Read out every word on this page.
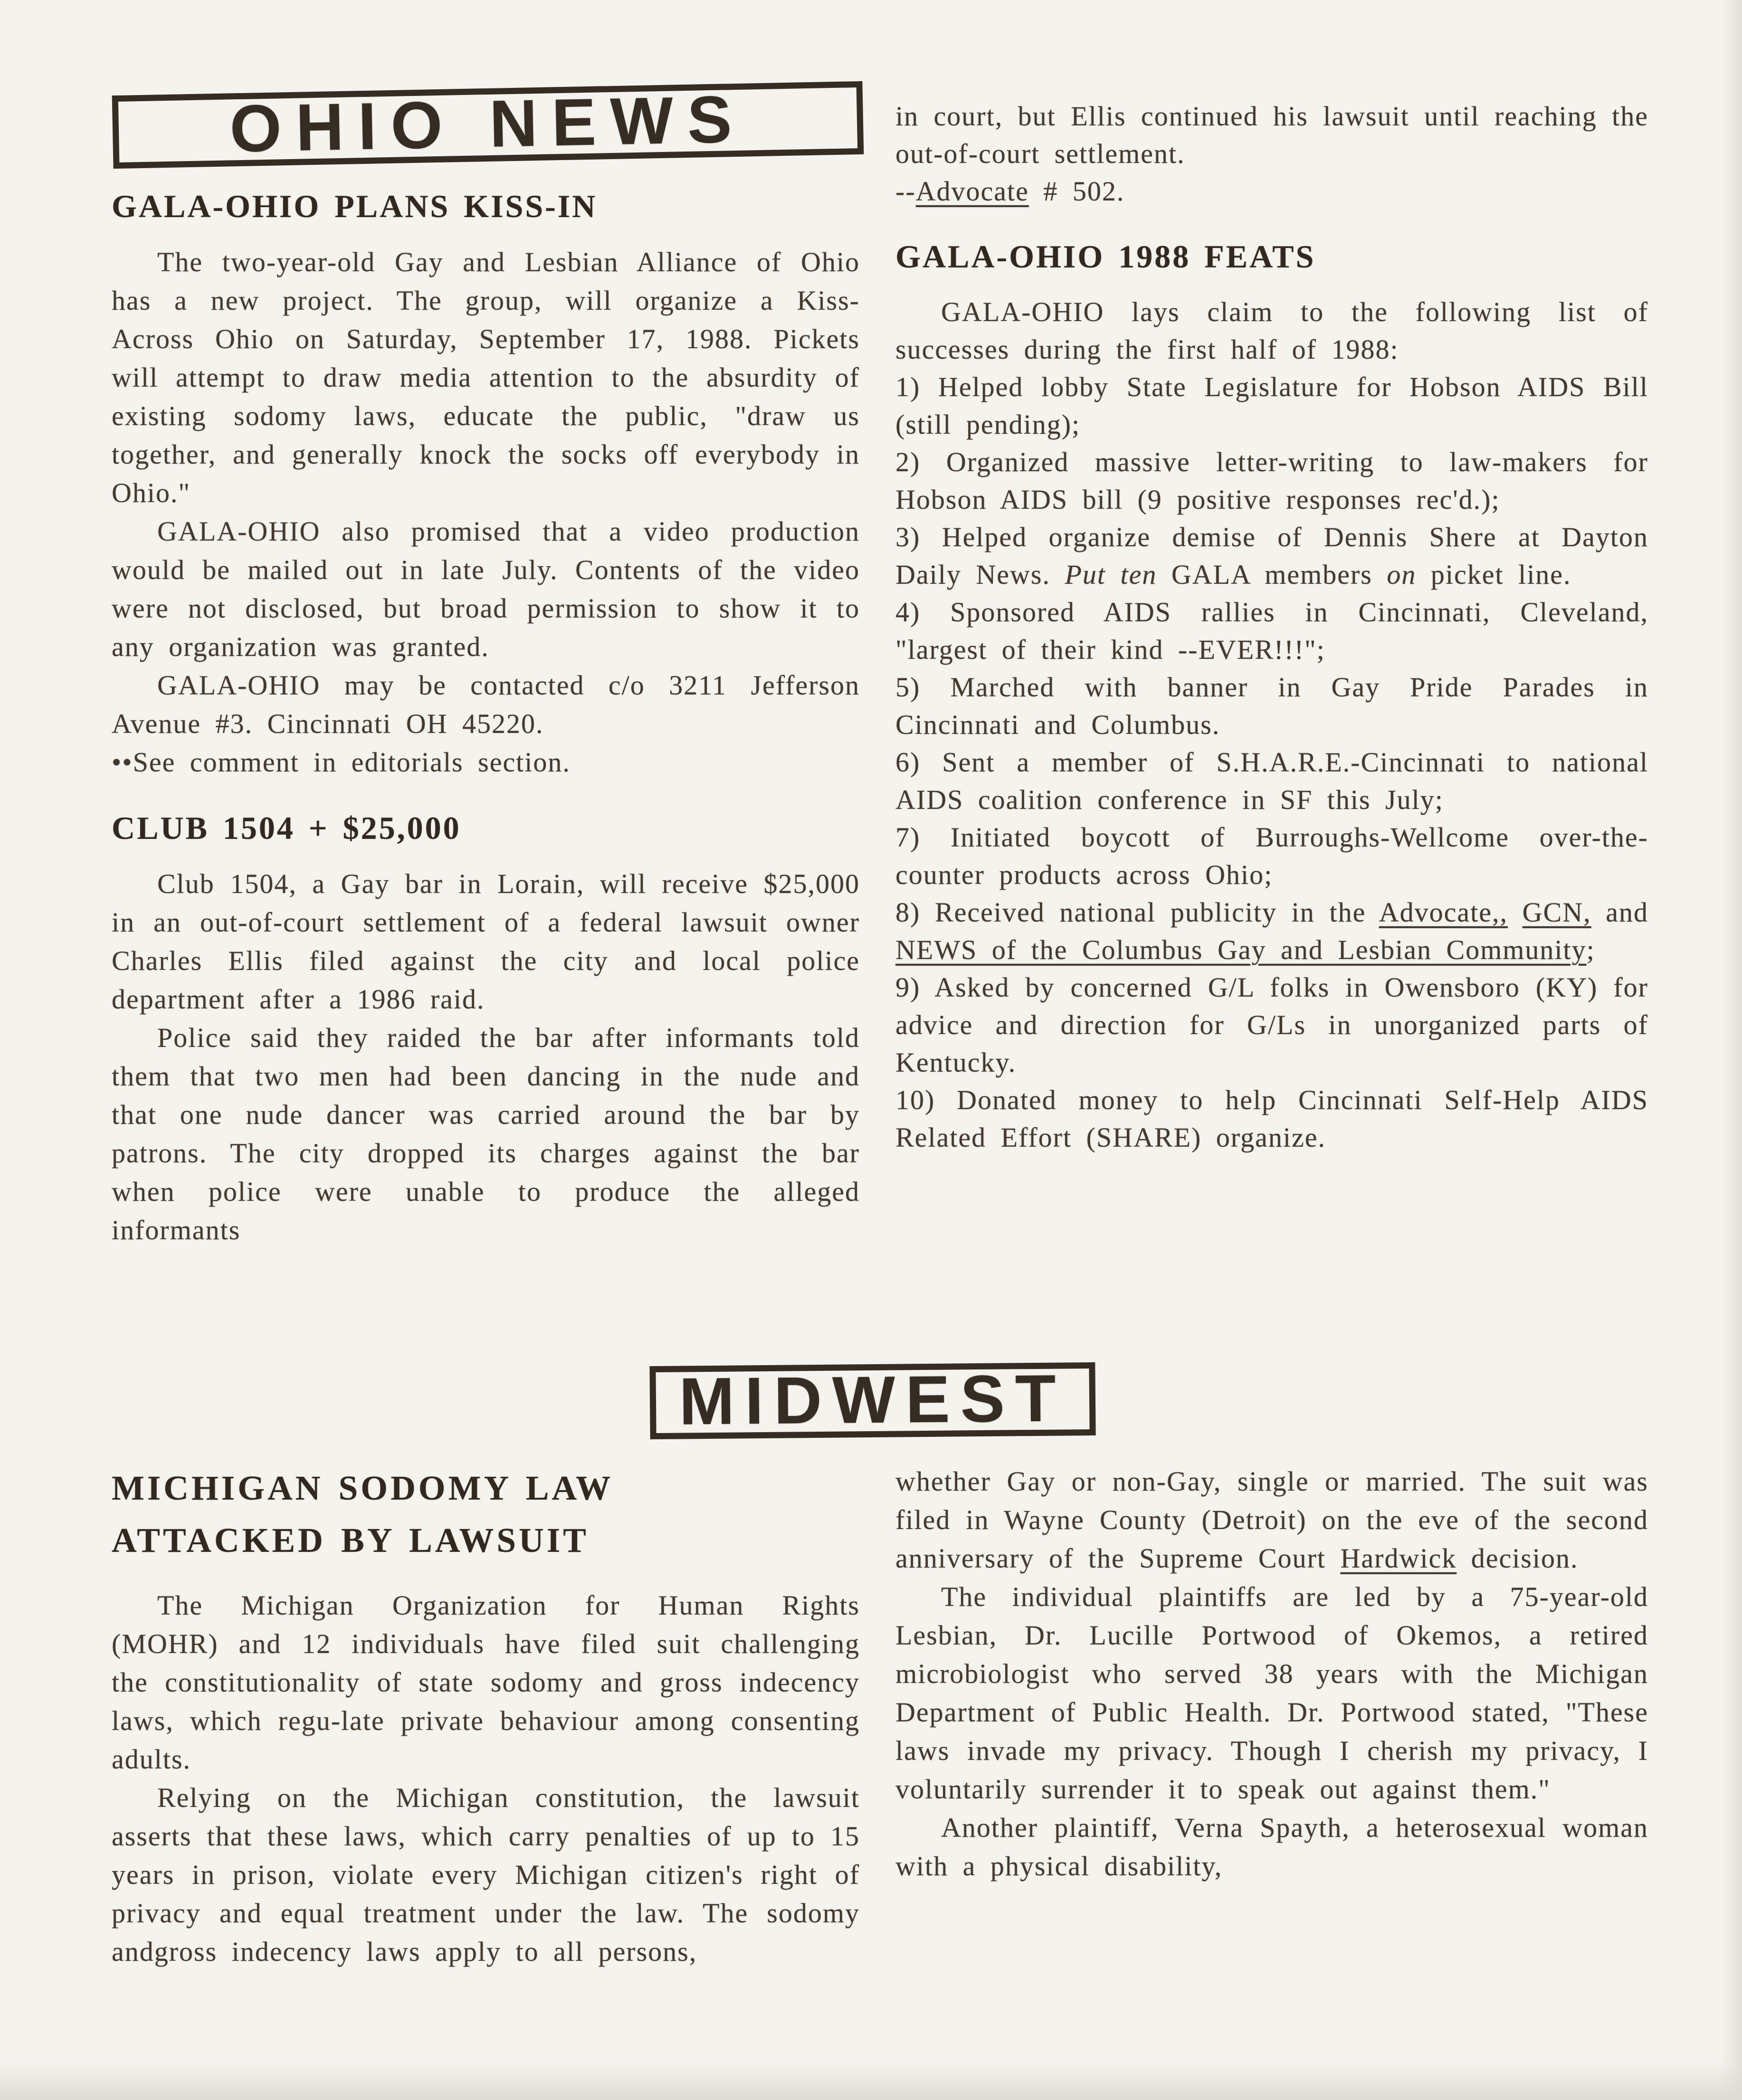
OHIO NEWS
GALA-OHIO PLANS KISS-IN
The two-year-old Gay and Lesbian Alliance of Ohio has a new project. The group, will organize a Kiss-Across Ohio on Saturday, September 17, 1988. Pickets will attempt to draw media attention to the absurdity of existing sodomy laws, educate the public, "draw us together, and generally knock the socks off everybody in Ohio."
GALA-OHIO also promised that a video production would be mailed out in late July. Contents of the video were not disclosed, but broad permission to show it to any organization was granted.
GALA-OHIO may be contacted c/o 3211 Jefferson Avenue #3. Cincinnati OH 45220.
••See comment in editorials section.
CLUB 1504 + $25,000
Club 1504, a Gay bar in Lorain, will receive $25,000 in an out-of-court settlement of a federal lawsuit owner Charles Ellis filed against the city and local police department after a 1986 raid.
Police said they raided the bar after informants told them that two men had been dancing in the nude and that one nude dancer was carried around the bar by patrons. The city dropped its charges against the bar when police were unable to produce the alleged informants
in court, but Ellis continued his lawsuit until reaching the out-of-court settlement.
--Advocate # 502.
GALA-OHIO 1988 FEATS
GALA-OHIO lays claim to the following list of successes during the first half of 1988:
1) Helped lobby State Legislature for Hobson AIDS Bill (still pending);
2) Organized massive letter-writing to law-makers for Hobson AIDS bill (9 positive responses rec'd.);
3) Helped organize demise of Dennis Shere at Dayton Daily News. Put ten GALA members on picket line.
4) Sponsored AIDS rallies in Cincinnati, Cleveland, "largest of their kind --EVER!!!";
5) Marched with banner in Gay Pride Parades in Cincinnati and Columbus.
6) Sent a member of S.H.A.R.E.-Cincinnati to national AIDS coalition conference in SF this July;
7) Initiated boycott of Burroughs-Wellcome over-the-counter products across Ohio;
8) Received national publicity in the Advocate,, GCN, and NEWS of the Columbus Gay and Lesbian Community;
9) Asked by concerned G/L folks in Owensboro (KY) for advice and direction for G/Ls in unorganized parts of Kentucky.
10) Donated money to help Cincinnati Self-Help AIDS Related Effort (SHARE) organize.
MIDWEST
MICHIGAN SODOMY LAW
ATTACKED BY LAWSUIT
The Michigan Organization for Human Rights (MOHR) and 12 individuals have filed suit challenging the constitutionality of state sodomy and gross indecency laws, which regu-late private behaviour among consenting adults.
Relying on the Michigan constitution, the lawsuit asserts that these laws, which carry penalties of up to 15 years in prison, violate every Michigan citizen's right of privacy and equal treatment under the law. The sodomy andgross indecency laws apply to all persons,
whether Gay or non-Gay, single or married. The suit was filed in Wayne County (Detroit) on the eve of the second anniversary of the Supreme Court Hardwick decision.
The individual plaintiffs are led by a 75-year-old Lesbian, Dr. Lucille Portwood of Okemos, a retired microbiologist who served 38 years with the Michigan Department of Public Health. Dr. Portwood stated, "These laws invade my privacy. Though I cherish my privacy, I voluntarily surrender it to speak out against them."
Another plaintiff, Verna Spayth, a heterosexual woman with a physical disability,
